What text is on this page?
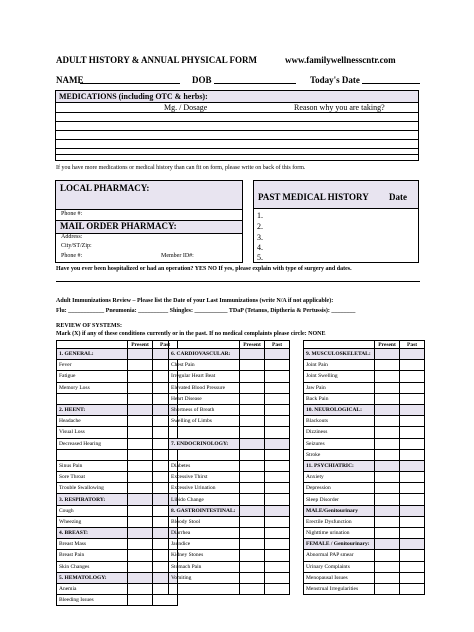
ADULT HISTORY & ANNUAL PHYSICAL FORM	www.familywellnesscntr.com
NAME	DOB	Today's Date
MEDICATIONS (including OTC & herbs):
Mg. / Dosage	Reason why you are taking?
If you have more medications or medical history than can fit on form, please write on back of this form.
LOCAL PHARMACY:
Phone #:
MAIL ORDER PHARMACY:
Address:
City/ST/Zip:
Phone #:	Member ID#:
PAST MEDICAL HISTORY Date
1.
2.
3.
4.
5.
Have you ever been hospitalized or had an operation? YES NO If yes, please explain with type of surgery and dates.
Adult Immunizations Review – Please list the Date of your Last Immunizations (write N/A if not applicable):
Flu: ____________ Pneumonia: __________ Shingles: ___________ TDaP (Tetanus, Diptheria & Pertussis): ________
REVIEW OF SYSTEMS:
Mark (X) if any of these conditions currently or in the past. If no medical complaints please circle: NONE
	Present	Past
1. GENERAL:		
Fever		
Fatigue		
Memory Loss		

2. HEENT:		
Headache		
Visual Loss		
Decreased Hearing		

Sinus Pain		
Sore Throat		
Trouble Swallowing		
3. RESPIRATORY:		
Cough		
Wheezing		
4. BREAST:		
Breast Mass		
Breast Pain		
Skin Changes		
5. HEMATOLOGY:		
Anemia		
Bleeding Issues		
	Present	Past
6. CARDIOVASCULAR:		
Chest Pain		
Irregular Heart Beat		
Elevated Blood Pressure		
Heart Disease		
Shortness of Breath		
Swelling of Limbs		

7. ENDOCRINOLOGY:		

Diabetes		
Excessive Thirst		
Excessive Urination		
Libido Change		
8. GASTROINTESTINAL:		
Bloody Stool		
Diarrhea		
Jaundice		
Kidney Stones		
Stomach Pain		
Vomiting		

	Present	Past
9. MUSCULOSKELETAL:		
Joint Pain		
Joint Swelling		
Jaw Pain		
Back Pain		
10. NEUROLOGICAL:		
Blackouts		
Dizziness		
Seizures		
Stroke		
11. PSYCHIATRIC:		
Anxiety		
Depression		
Sleep Disorder		
MALE/Genitourinary		
Erectile Dysfunction		
Nighttime urination		
FEMALE / Genitourinary:		
Abnormal PAP smear		
Urinary Complaints		
Menopausal Issues		
Menstrual Irregularities		
